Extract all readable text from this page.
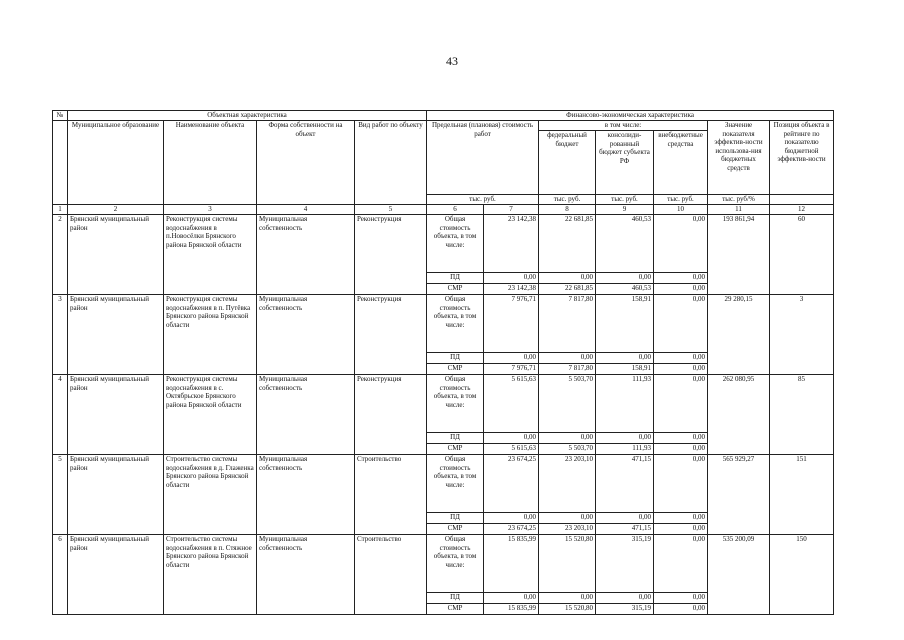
43
№	Объектная характеристика				Финансово-экономическая характеристика						
	Муниципальное образование	Наименование объекта	Форма собственности на объект	Вид работ по объекту	Предельная (плановая) стоимость работ		в том числе:			Значение показателя эффектив-ности использова-ния бюджетных средств	Позиция объекта в рейтинге по показателю бюджетной эффектив-ности
							федеральный бюджет	консолиди-рованный бюджет субъекта РФ	внебюджетные средства		
					тыс. руб.		тыс. руб.	тыс. руб.	тыс. руб.	тыс. руб/%	
1	2	3	4	5	6	7	8	9	10	11	12
2	Брянский муниципальный район	Реконструкция системы водоснабжения в п.Новосёлки Брянского района Брянской области	Муниципальная собственность	Реконструкция	Общая стоимость объекта, в том числе:	23 142,38	22 681,85	460,53	0,00	193 861,94	60
					ПД	0,00	0,00	0,00	0,00		
					СМР	23 142,38	22 681,85	460,53	0,00		
3	Брянский муниципальный район	Реконструкция системы водоснабжения в п. Путёвка Брянского района Брянской области	Муниципальная собственность	Реконструкция	Общая стоимость объекта, в том числе:	7 976,71	7 817,80	158,91	0,00	29 280,15	3
					ПД	0,00	0,00	0,00	0,00		
					СМР	7 976,71	7 817,80	158,91	0,00		
4	Брянский муниципальный район	Реконструкция системы водоснабжения в с. Октябрьское Брянского района Брянской области	Муниципальная собственность	Реконструкция	Общая стоимость объекта, в том числе:	5 615,63	5 503,70	111,93	0,00	262 080,95	85
					ПД	0,00	0,00	0,00	0,00		
					СМР	5 615,63	5 503,70	111,93	0,00		
5	Брянский муниципальный район	Строительство системы водоснабжения в д. Глаженка Брянского района Брянской области	Муниципальная собственность	Строительство	Общая стоимость объекта, в том числе:	23 674,25	23 203,10	471,15	0,00	565 929,27	151
					ПД	0,00	0,00	0,00	0,00		
					СМР	23 674,25	23 203,10	471,15	0,00		
6	Брянский муниципальный район	Строительство системы водоснабжения в п. Стяжное Брянского района Брянской области	Муниципальная собственность	Строительство	Общая стоимость объекта, в том числе:	15 835,99	15 520,80	315,19	0,00	535 200,09	150
					ПД	0,00	0,00	0,00	0,00		
					СМР	15 835,99	15 520,80	315,19	0,00		
